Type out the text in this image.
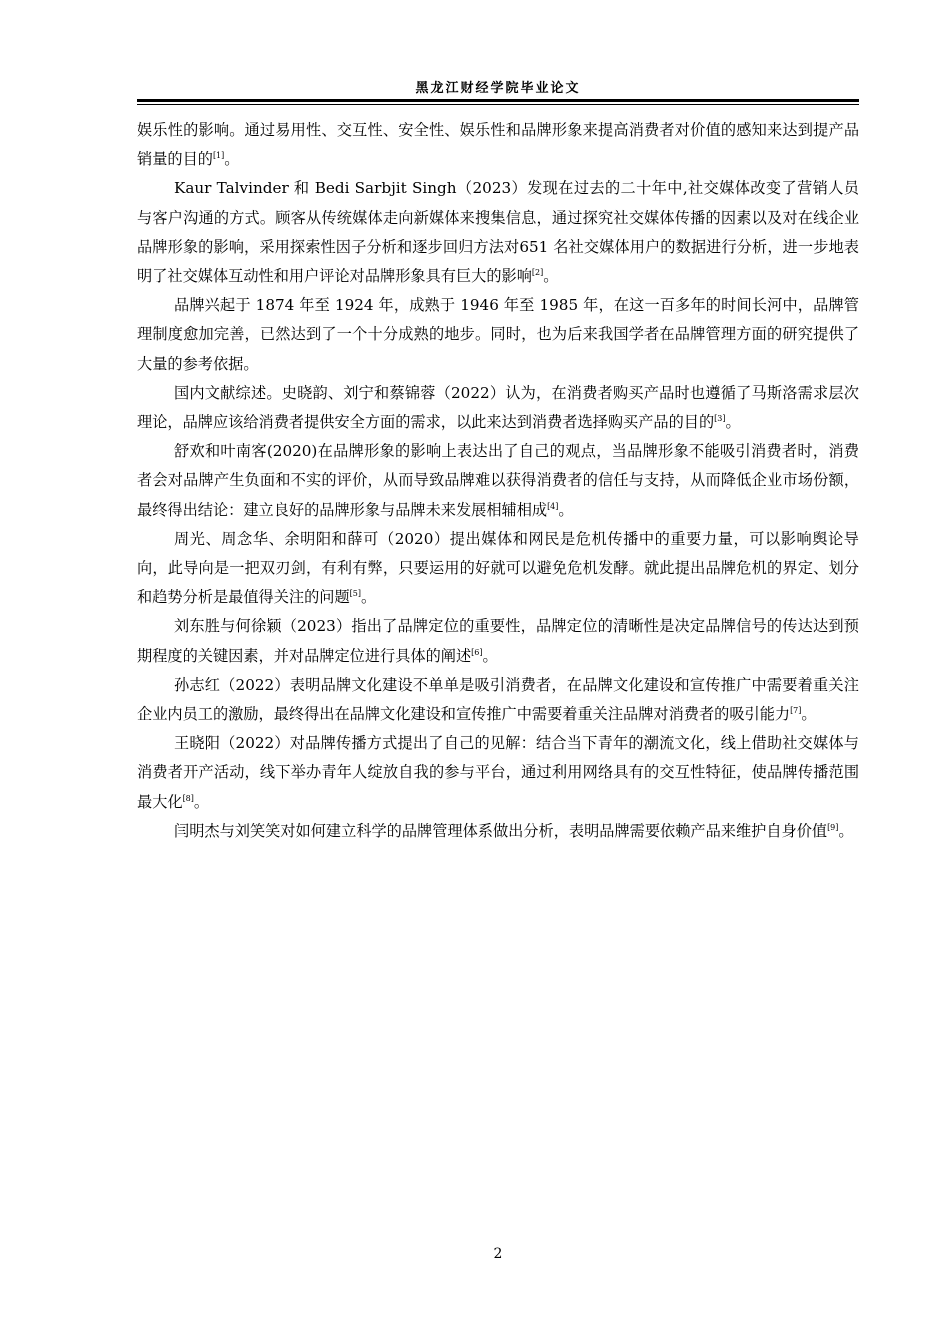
黑龙江财经学院毕业论文

娱乐性的影响。通过易用性、交互性、安全性、娱乐性和品牌形象来提高消费者对价值的感知来达到提产品销量的目的[1]。

Kaur Talvinder 和 Bedi Sarbjit Singh（2023）发现在过去的二十年中,社交媒体改变了营销人员与客户沟通的方式。顾客从传统媒体走向新媒体来搜集信息，通过探究社交媒体传播的因素以及对在线企业品牌形象的影响，采用探索性因子分析和逐步回归方法对651 名社交媒体用户的数据进行分析，进一步地表明了社交媒体互动性和用户评论对品牌形象具有巨大的影响[2]。

品牌兴起于 1874 年至 1924 年，成熟于 1946 年至 1985 年，在这一百多年的时间长河中，品牌管理制度愈加完善，已然达到了一个十分成熟的地步。同时，也为后来我国学者在品牌管理方面的研究提供了大量的参考依据。

国内文献综述。史晓韵、刘宁和蔡锦蓉（2022）认为，在消费者购买产品时也遵循了马斯洛需求层次理论，品牌应该给消费者提供安全方面的需求，以此来达到消费者选择购买产品的目的[3]。

舒欢和叶南客(2020)在品牌形象的影响上表达出了自己的观点，当品牌形象不能吸引消费者时，消费者会对品牌产生负面和不实的评价，从而导致品牌难以获得消费者的信任与支持，从而降低企业市场份额，最终得出结论：建立良好的品牌形象与品牌未来发展相辅相成[4]。

周光、周念华、余明阳和薛可（2020）提出媒体和网民是危机传播中的重要力量，可以影响舆论导向，此导向是一把双刃剑，有利有弊，只要运用的好就可以避免危机发酵。就此提出品牌危机的界定、划分和趋势分析是最值得关注的问题[5]。

刘东胜与何徐颖（2023）指出了品牌定位的重要性，品牌定位的清晰性是决定品牌信号的传达达到预期程度的关键因素，并对品牌定位进行具体的阐述[6]。

孙志红（2022）表明品牌文化建设不单单是吸引消费者，在品牌文化建设和宣传推广中需要着重关注企业内员工的激励，最终得出在品牌文化建设和宣传推广中需要着重关注品牌对消费者的吸引能力[7]。

王晓阳（2022）对品牌传播方式提出了自己的见解：结合当下青年的潮流文化，线上借助社交媒体与消费者开产活动，线下举办青年人绽放自我的参与平台，通过利用网络具有的交互性特征，使品牌传播范围最大化[8]。

闫明杰与刘笑笑对如何建立科学的品牌管理体系做出分析，表明品牌需要依赖产品来维护自身价值[9]。

2
